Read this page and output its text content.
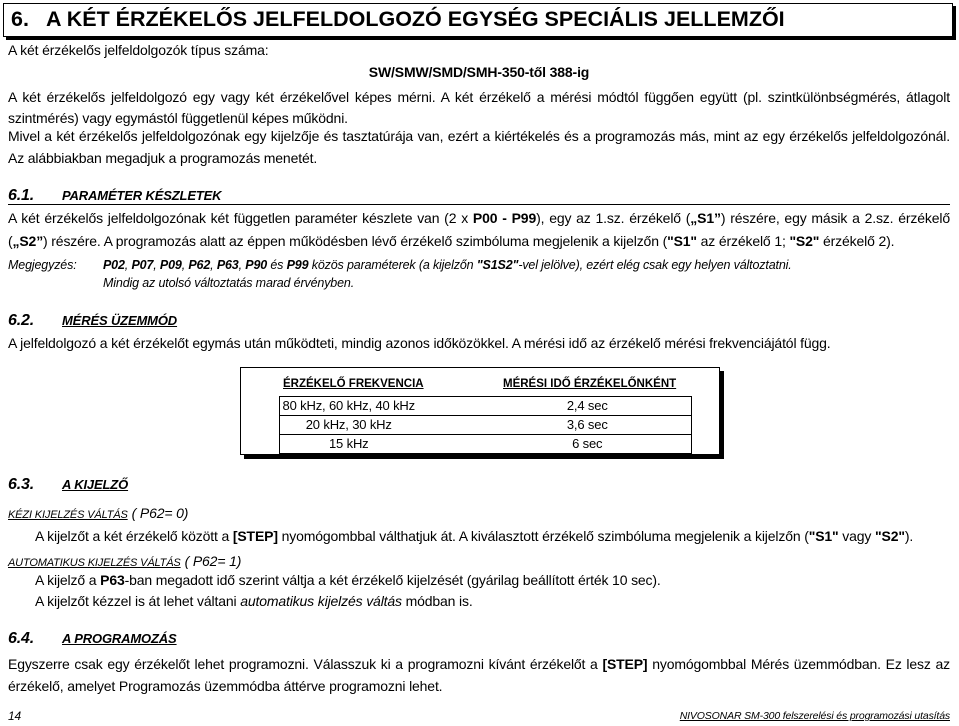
6. A KÉT ÉRZÉKELŐS JELFELDOLGOZÓ EGYSÉG SPECIÁLIS JELLEMZŐI
A két érzékelős jelfeldolgozók típus száma:
SW/SMW/SMD/SMH-350-től 388-ig
A két érzékelős jelfeldolgozó egy vagy két érzékelővel képes mérni. A két érzékelő a mérési módtól függően együtt (pl. szintkülönbségmérés, átlagolt szintmérés) vagy egymástól függetlenül képes működni.
Mivel a két érzékelős jelfeldolgozónak egy kijelzője és tasztatúrája van, ezért a kiértékelés és a programozás más, mint az egy érzékelős jelfeldolgozónál. Az alábbiakban megadjuk a programozás menetét.
6.1. PARAMÉTER KÉSZLETEK
A két érzékelős jelfeldolgozónak két független paraméter készlete van (2 x P00 - P99), egy az 1.sz. érzékelő („S1”) részére, egy másik a 2.sz. érzékelő („S2”) részére. A programozás alatt az éppen működésben lévő érzékelő szimbóluma megjelenik a kijelzőn ("S1" az érzékelő 1; "S2" érzékelő 2).
Megjegyzés:	P02, P07, P09, P62, P63, P90 és P99 közös paraméterek (a kijelzőn "S1S2"-vel jelölve), ezért elég csak egy helyen változtatni.
Mindig az utolsó változtatás marad érvényben.
6.2. MÉRÉS ÜZEMMÓD
A jelfeldolgozó a két érzékelőt egymás után működteti, mindig azonos időközökkel. A mérési idő az érzékelő mérési frekvenciájától függ.
ÉRZÉKELŐ FREKVENCIA	MÉRÉSI IDŐ ÉRZÉKELŐNKÉNT
80 kHz, 60 kHz, 40 kHz		2,4 sec
20 kHz, 30 kHz		3,6 sec
15 kHz		6 sec
6.3. A KIJELZŐ
KÉZI KIJELZÉS VÁLTÁS ( P62= 0)
A kijelzőt a két érzékelő között a [STEP] nyomógombbal válthatjuk át. A kiválasztott érzékelő szimbóluma megjelenik a kijelzőn ("S1" vagy "S2").
AUTOMATIKUS KIJELZÉS VÁLTÁS ( P62= 1)
A kijelző a P63-ban megadott idő szerint váltja a két érzékelő kijelzését (gyárilag beállított érték 10 sec).
A kijelzőt kézzel is át lehet váltani automatikus kijelzés váltás módban is.
6.4. A PROGRAMOZÁS
Egyszerre csak egy érzékelőt lehet programozni. Válasszuk ki a programozni kívánt érzékelőt a [STEP] nyomógombbal Mérés üzemmódban. Ez lesz az érzékelő, amelyet Programozás üzemmódba áttérve programozni lehet.
14	NIVOSONAR SM-300 felszerelési és programozási utasítás
